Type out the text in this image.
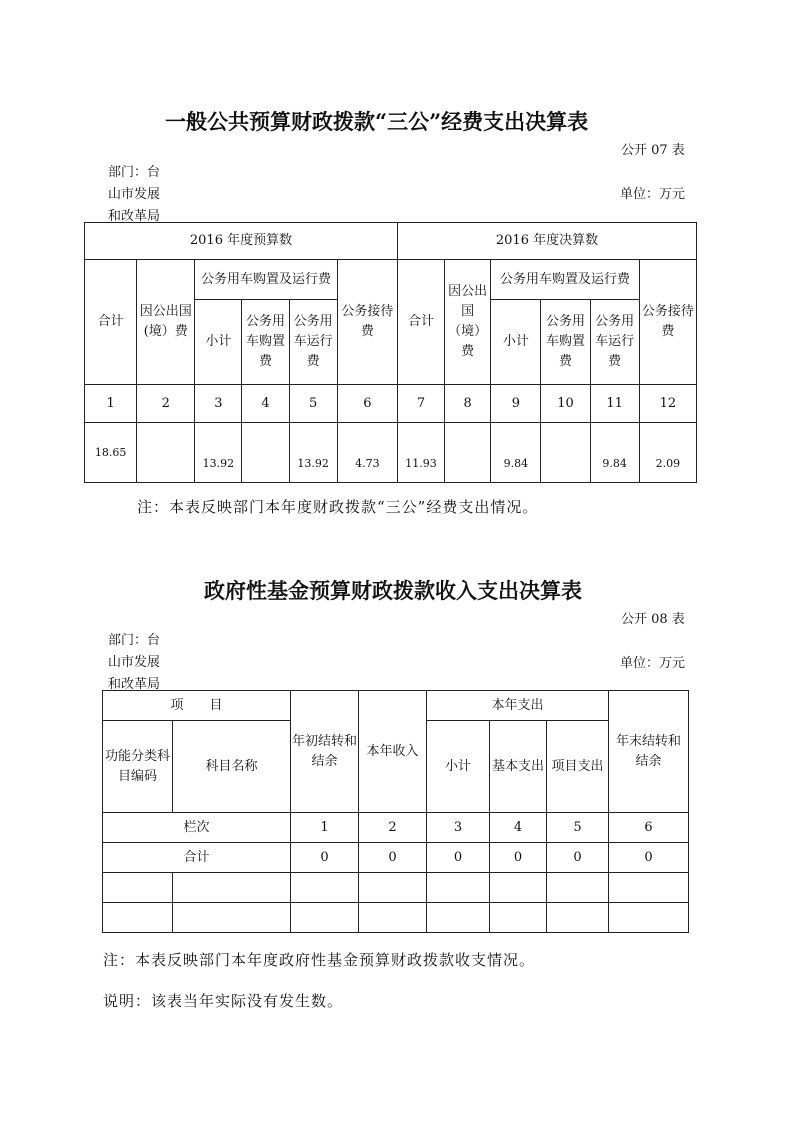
一般公共预算财政拨款“三公”经费支出决算表
公开 07 表
部门：台
山市发展
和改革局
单位：万元
2016 年度预算数						2016 年度决算数					
合计	因公出国(境）费	公务用车购置及运行费			公务接待费	合计	因公出国（境）费	公务用车购置及运行费			公务接待费
		小计	公务用车购置费	公务用车运行费				小计	公务用车购置费	公务用车运行费	
1	2	3	4	5	6	7	8	9	10	11	12
18.65		13.92		13.92	4.73	11.93		9.84		9.84	2.09
注：本表反映部门本年度财政拨款“三公”经费支出情况。
政府性基金预算财政拨款收入支出决算表
公开 08 表
部门：台
山市发展
和改革局
单位：万元
项　　目		年初结转和结余	本年收入	本年支出			年末结转和结余
功能分类科目编码	科目名称			小计	基本支出	项目支出	
栏次		1	2	3	4	5	6
合计		0	0	0	0	0	0

注：本表反映部门本年度政府性基金预算财政拨款收支情况。
说明：该表当年实际没有发生数。
